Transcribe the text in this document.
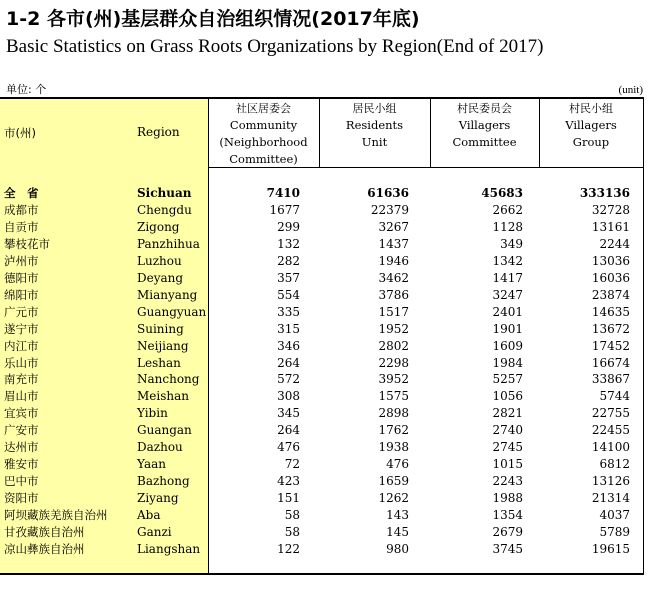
1-2 各市(州)基层群众自治组织情况(2017年底)
Basic Statistics on Grass Roots Organizations by Region(End of 2017)
单位: 个	(unit)
市(州)	Region
社区居委会
Community
(Neighborhood
Committee)
居民小组
Residents
Unit
村民委员会
Villagers
Committee
村民小组
Villagers
Group
全　省	Sichuan	7410	61636	45683	333136
成都市	Chengdu	1677	22379	2662	32728
自贡市	Zigong	299	3267	1128	13161
攀枝花市	Panzhihua	132	1437	349	2244
泸州市	Luzhou	282	1946	1342	13036
德阳市	Deyang	357	3462	1417	16036
绵阳市	Mianyang	554	3786	3247	23874
广元市	Guangyuan	335	1517	2401	14635
遂宁市	Suining	315	1952	1901	13672
内江市	Neijiang	346	2802	1609	17452
乐山市	Leshan	264	2298	1984	16674
南充市	Nanchong	572	3952	5257	33867
眉山市	Meishan	308	1575	1056	5744
宜宾市	Yibin	345	2898	2821	22755
广安市	Guangan	264	1762	2740	22455
达州市	Dazhou	476	1938	2745	14100
雅安市	Yaan	72	476	1015	6812
巴中市	Bazhong	423	1659	2243	13126
资阳市	Ziyang	151	1262	1988	21314
阿坝藏族羌族自治州 Aba	58	143	1354	4037
甘孜藏族自治州	Ganzi	58	145	2679	5789
凉山彝族自治州	Liangshan	122	980	3745	19615
